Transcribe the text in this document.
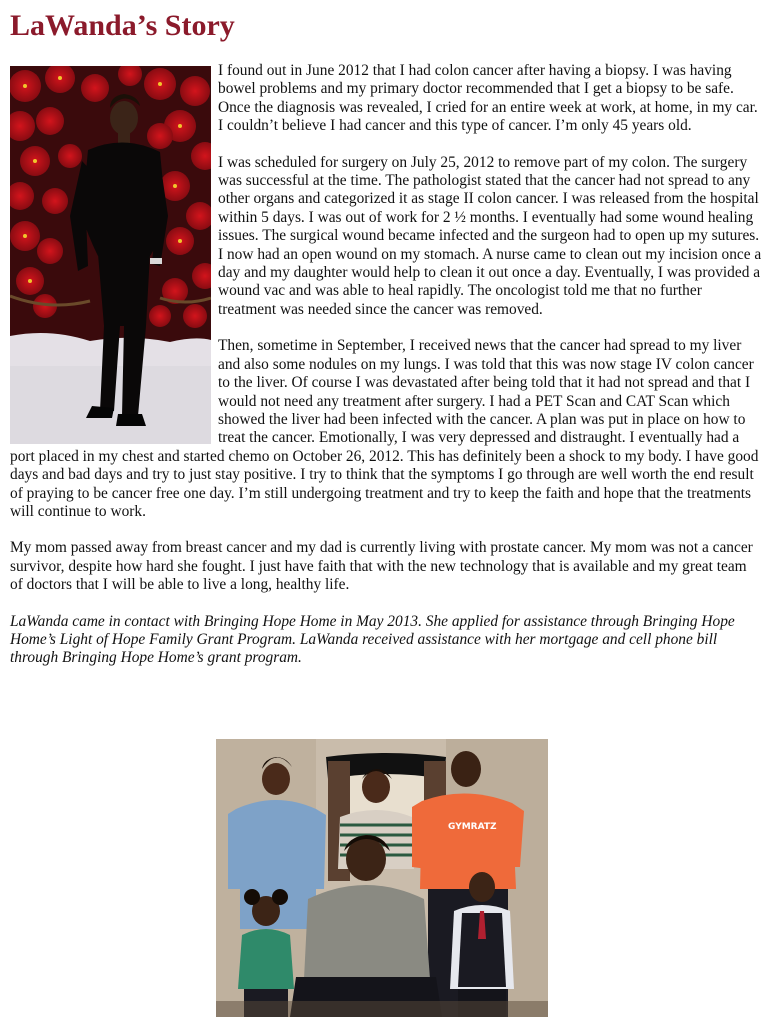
LaWanda’s Story

I found out in June 2012 that I had colon cancer after having a biopsy. I was having bowel problems and my primary doctor recommended that I get a biopsy to be safe. Once the diagnosis was revealed, I cried for an entire week at work, at home, in my car. I couldn’t believe I had cancer and this type of cancer. I’m only 45 years old.

I was scheduled for surgery on July 25, 2012 to remove part of my colon. The surgery was successful at the time. The pathologist stated that the cancer had not spread to any other organs and categorized it as stage II colon cancer. I was released from the hospital within 5 days. I was out of work for 2 ½ months. I eventually had some wound healing issues. The surgical wound became infected and the surgeon had to open up my sutures. I now had an open wound on my stomach. A nurse came to clean out my incision once a day and my daughter would help to clean it out once a day. Eventually, I was provided a wound vac and was able to heal rapidly. The oncologist told me that no further treatment was needed since the cancer was removed.

Then, sometime in September, I received news that the cancer had spread to my liver and also some nodules on my lungs. I was told that this was now stage IV colon cancer to the liver. Of course I was devastated after being told that it had not spread and that I would not need any treatment after surgery. I had a PET Scan and CAT Scan which showed the liver had been infected with the cancer. A plan was put in place on how to treat the cancer. Emotionally, I was very depressed and distraught. I eventually had a port placed in my chest and started chemo on October 26, 2012. This has definitely been a shock to my body. I have good days and bad days and try to just stay positive. I try to think that the symptoms I go through are well worth the end result of praying to be cancer free one day. I’m still undergoing treatment and try to keep the faith and hope that the treatments will continue to work.

My mom passed away from breast cancer and my dad is currently living with prostate cancer. My mom was not a cancer survivor, despite how hard she fought. I just have faith that with the new technology that is available and my great team of doctors that I will be able to live a long, healthy life.

LaWanda came in contact with Bringing Hope Home in May 2013. She applied for assistance through Bringing Hope Home’s Light of Hope Family Grant Program. LaWanda received assistance with her mortgage and cell phone bill through Bringing Hope Home’s grant program.

GYMRATZ
